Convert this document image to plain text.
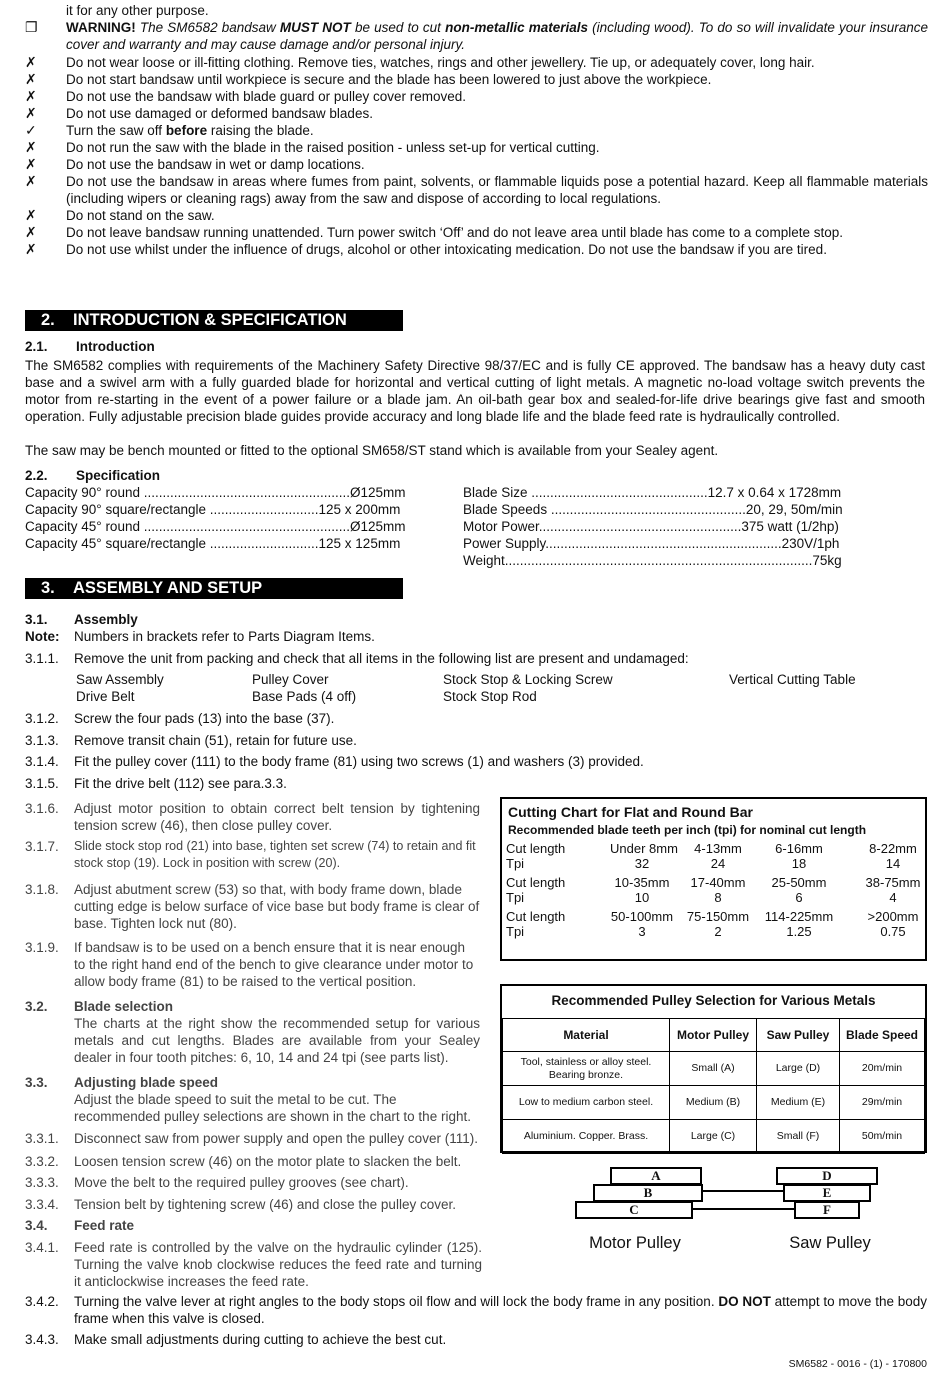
it for any other purpose.
❐	WARNING! The SM6582 bandsaw MUST NOT be used to cut non-metallic materials (including wood). To do so will invalidate your insurance cover and warranty and may cause damage and/or personal injury.
✗	Do not wear loose or ill-fitting clothing. Remove ties, watches, rings and other jewellery. Tie up, or adequately cover, long hair.
✗	Do not start bandsaw until workpiece is secure and the blade has been lowered to just above the workpiece.
✗	Do not use the bandsaw with blade guard or pulley cover removed.
✗	Do not use damaged or deformed bandsaw blades.
✓	Turn the saw off before raising the blade.
✗	Do not run the saw with the blade in the raised position - unless set-up for vertical cutting.
✗	Do not use the bandsaw in wet or damp locations.
✗	Do not use the bandsaw in areas where fumes from paint, solvents, or flammable liquids pose a potential hazard. Keep all flammable materials (including wipers or cleaning rags) away from the saw and dispose of according to local regulations.
✗	Do not stand on the saw.
✗	Do not leave bandsaw running unattended. Turn power switch ‘Off’ and do not leave area until blade has come to a complete stop.
✗	Do not use whilst under the influence of drugs, alcohol or other intoxicating medication. Do not use the bandsaw if you are tired.
2. INTRODUCTION & SPECIFICATION
2.1. Introduction
The SM6582 complies with requirements of the Machinery Safety Directive 98/37/EC and is fully CE approved. The bandsaw has a heavy duty cast base and a swivel arm with a fully guarded blade for horizontal and vertical cutting of light metals. A magnetic no-load voltage switch prevents the motor from re-starting in the event of a power failure or a blade jam. An oil-bath gear box and sealed-for-life drive bearings give fast and smooth operation. Fully adjustable precision blade guides provide accuracy and long blade life and the blade feed rate is hydraulically controlled.
The saw may be bench mounted or fitted to the optional SM658/ST stand which is available from your Sealey agent.
2.2. Specification
Capacity 90° round .......................................................Ø125mm
Capacity 90° square/rectangle .............................125 x 200mm
Capacity 45° round .......................................................Ø125mm
Capacity 45° square/rectangle .............................125 x 125mm
Blade Size ...............................................12.7 x 0.64 x 1728mm
Blade Speeds ....................................................20, 29, 50m/min
Motor Power......................................................375 watt (1/2hp)
Power Supply...............................................................230V/1ph
Weight..................................................................................75kg
3. ASSEMBLY AND SETUP
3.1. Assembly
Note: Numbers in brackets refer to Parts Diagram Items.
3.1.1. Remove the unit from packing and check that all items in the following list are present and undamaged:
Saw Assembly	Pulley Cover	Stock Stop & Locking Screw	Vertical Cutting Table
Drive Belt	Base Pads (4 off)	Stock Stop Rod
3.1.2. Screw the four pads (13) into the base (37).
3.1.3. Remove transit chain (51), retain for future use.
3.1.4. Fit the pulley cover (111) to the body frame (81) using two screws (1) and washers (3) provided.
3.1.5. Fit the drive belt (112) see para.3.3.
3.1.6. Adjust motor position to obtain correct belt tension by tightening tension screw (46), then close pulley cover.
3.1.7. Slide stock stop rod (21) into base, tighten set screw (74) to retain and fit stock stop (19). Lock in position with screw (20).
3.1.8. Adjust abutment screw (53) so that, with body frame down, blade cutting edge is below surface of vice base but body frame is clear of base. Tighten lock nut (80).
3.1.9. If bandsaw is to be used on a bench ensure that it is near enough to the right hand end of the bench to give clearance under motor to allow body frame (81) to be raised to the vertical position.
3.2. Blade selection
The charts at the right show the recommended setup for various metals and cut lengths. Blades are available from your Sealey dealer in four tooth pitches: 6, 10, 14 and 24 tpi (see parts list).
3.3. Adjusting blade speed
Adjust the blade speed to suit the metal to be cut. The recommended pulley selections are shown in the chart to the right.
3.3.1. Disconnect saw from power supply and open the pulley cover (111).
3.3.2. Loosen tension screw (46) on the motor plate to slacken the belt.
3.3.3. Move the belt to the required pulley grooves (see chart).
3.3.4. Tension belt by tightening screw (46) and close the pulley cover.
3.4. Feed rate
3.4.1. Feed rate is controlled by the valve on the hydraulic cylinder (125). Turning the valve knob clockwise reduces the feed rate and turning it anticlockwise increases the feed rate.
3.4.2. Turning the valve lever at right angles to the body stops oil flow and will lock the body frame in any position. DO NOT attempt to move the body frame when this valve is closed.
3.4.3. Make small adjustments during cutting to achieve the best cut.
Cutting Chart for Flat and Round Bar
Recommended blade teeth per inch (tpi) for nominal cut length
Cut length
Tpi
Under 8mm	4-13mm	6-16mm	8-22mm
32	24	18	14
Cut length
Tpi
10-35mm	17-40mm	25-50mm	38-75mm
10	8	6	4
Cut length
Tpi
50-100mm 75-150mm 114-225mm	>200mm
3	2	1.25	0.75
Recommended Pulley Selection for Various Metals
Material	Motor Pulley	Saw Pulley	Blade Speed
Tool, stainless or alloy steel. Bearing bronze.	Small (A)	Large (D)	20m/min
Low to medium carbon steel.	Medium (B)	Medium (E)	29m/min
Aluminium. Copper. Brass.	Large (C)	Small (F)	50m/min
A
B
C
D
E
F
Motor Pulley	Saw Pulley
SM6582 - 0016 - (1) - 170800
